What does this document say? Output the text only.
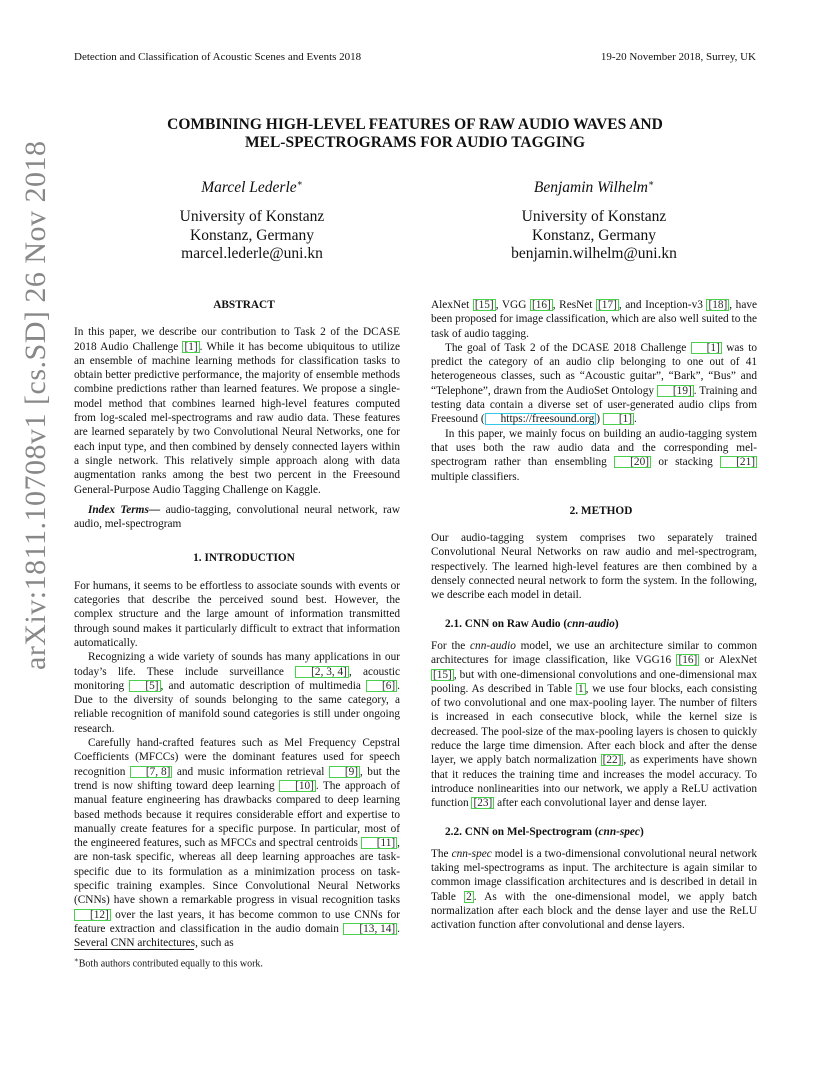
Detection and Classification of Acoustic Scenes and Events 2018	19-20 November 2018, Surrey, UK
arXiv:1811.10708v1 [cs.SD] 26 Nov 2018
COMBINING HIGH-LEVEL FEATURES OF RAW AUDIO WAVES AND
MEL-SPECTROGRAMS FOR AUDIO TAGGING
Marcel Lederle∗
University of Konstanz
Konstanz, Germany
marcel.lederle@uni.kn
Benjamin Wilhelm∗
University of Konstanz
Konstanz, Germany
benjamin.wilhelm@uni.kn

ABSTRACT

In this paper, we describe our contribution to Task 2 of the DCASE 2018 Audio Challenge [1] . While it has become ubiquitous to utilize an ensemble of machine learning methods for classification tasks to obtain better predictive performance, the majority of ensemble methods combine predictions rather than learned features. We propose a single-model method that combines learned high-level features computed from log-scaled mel-spectrograms and raw audio data. These features are learned separately by two Convolutional Neural Networks, one for each input type, and then combined by densely connected layers within a single network. This relatively simple approach along with data augmentation ranks among the best two percent in the Freesound General-Purpose Audio Tagging Challenge on Kaggle.

Index Terms— audio-tagging, convolutional neural network, raw audio, mel-spectrogram

1. INTRODUCTION

For humans, it seems to be effortless to associate sounds with events or categories that describe the perceived sound best. However, the complex structure and the large amount of information transmitted through sound makes it particularly difficult to extract that information automatically.

Recognizing a wide variety of sounds has many applications in our today’s life. These include surveillance [2, 3, 4] , acoustic monitoring [5] , and automatic description of multimedia [6] . Due to the diversity of sounds belonging to the same category, a reliable recognition of manifold sound categories is still under ongoing research.

Carefully hand-crafted features such as Mel Frequency Cepstral Coefficients (MFCCs) were the dominant features used for speech recognition [7, 8] and music information retrieval [9] , but the trend is now shifting toward deep learning [10] . The approach of manual feature engineering has drawbacks compared to deep learning based methods because it requires considerable effort and expertise to manually create features for a specific purpose. In particular, most of the engineered features, such as MFCCs and spectral centroids [11] , are non-task specific, whereas all deep learning approaches are task-specific due to its formulation as a minimization process on task-specific training examples. Since Convolutional Neural Networks (CNNs) have shown a remarkable progress in visual recognition tasks [12] over the last years, it has become common to use CNNs for feature extraction and classification in the audio domain [13, 14] . Several CNN architectures, such as

AlexNet [15] , VGG [16] , ResNet [17] , and Inception-v3 [18] , have been proposed for image classification, which are also well suited to the task of audio tagging.

The goal of Task 2 of the DCASE 2018 Challenge [1] was to predict the category of an audio clip belonging to one out of 41 heterogeneous classes, such as “Acoustic guitar”, “Bark”, “Bus” and “Telephone”, drawn from the AudioSet Ontology [19] . Training and testing data contain a diverse set of user-generated audio clips from Freesound ( https://freesound.org ) [1] .

In this paper, we mainly focus on building an audio-tagging system that uses both the raw audio data and the corresponding mel-spectrogram rather than ensembling [20] or stacking [21] multiple classifiers.

2. METHOD

Our audio-tagging system comprises two separately trained Convolutional Neural Networks on raw audio and mel-spectrogram, respectively. The learned high-level features are then combined by a densely connected neural network to form the system. In the following, we describe each model in detail.

2.1. CNN on Raw Audio (cnn-audio)

For the cnn-audio model, we use an architecture similar to common architectures for image classification, like VGG16 [16] or AlexNet [15] , but with one-dimensional convolutions and one-dimensional max pooling. As described in Table 1 , we use four blocks, each consisting of two convolutional and one max-pooling layer. The number of filters is increased in each consecutive block, while the kernel size is decreased. The pool-size of the max-pooling layers is chosen to quickly reduce the large time dimension. After each block and after the dense layer, we apply batch normalization [22] , as experiments have shown that it reduces the training time and increases the model accuracy. To introduce nonlinearities into our network, we apply a ReLU activation function [23] after each convolutional layer and dense layer.

2.2. CNN on Mel-Spectrogram (cnn-spec)

The cnn-spec model is a two-dimensional convolutional neural network taking mel-spectrograms as input. The architecture is again similar to common image classification architectures and is described in detail in Table 2 . As with the one-dimensional model, we apply batch normalization after each block and the dense layer and use the ReLU activation function after convolutional and dense layers.

∗Both authors contributed equally to this work.
